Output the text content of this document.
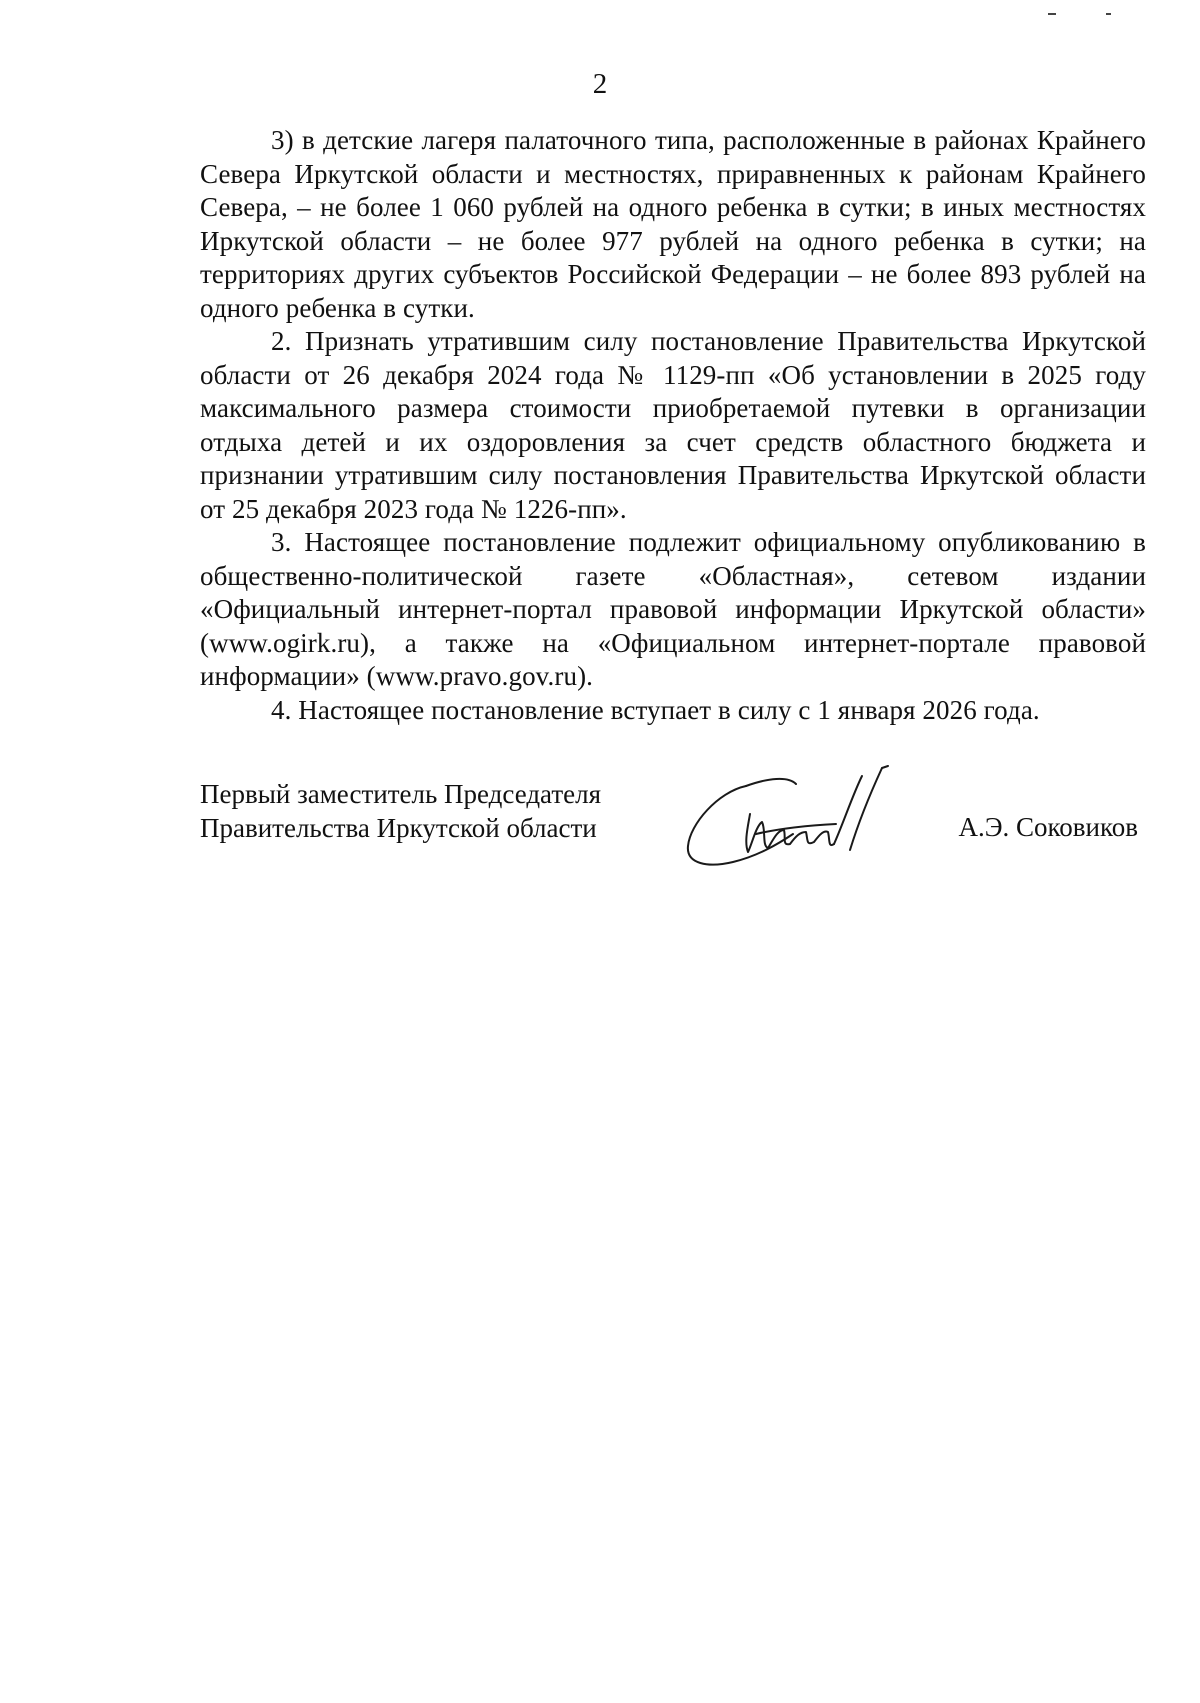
2

3) в детские лагеря палаточного типа, расположенные в районах Крайнего Севера Иркутской области и местностях, приравненных к районам Крайнего Севера, – не более 1 060 рублей на одного ребенка в сутки; в иных местностях Иркутской области – не более 977 рублей на одного ребенка в сутки; на территориях других субъектов Российской Федерации – не более 893 рублей на одного ребенка в сутки.

2. Признать утратившим силу постановление Правительства Иркутской области от 26 декабря 2024 года № 1129-пп «Об установлении в 2025 году максимального размера стоимости приобретаемой путевки в организации отдыха детей и их оздоровления за счет средств областного бюджета и признании утратившим силу постановления Правительства Иркутской области от 25 декабря 2023 года № 1226-пп».

3. Настоящее постановление подлежит официальному опубликованию в общественно-политической газете «Областная», сетевом издании «Официальный интернет-портал правовой информации Иркутской области» (www.ogirk.ru), а также на «Официальном интернет-портале правовой информации» (www.pravo.gov.ru).

4. Настоящее постановление вступает в силу с 1 января 2026 года.

Первый заместитель Председателя
Правительства Иркутской области	А.Э. Соковиков
